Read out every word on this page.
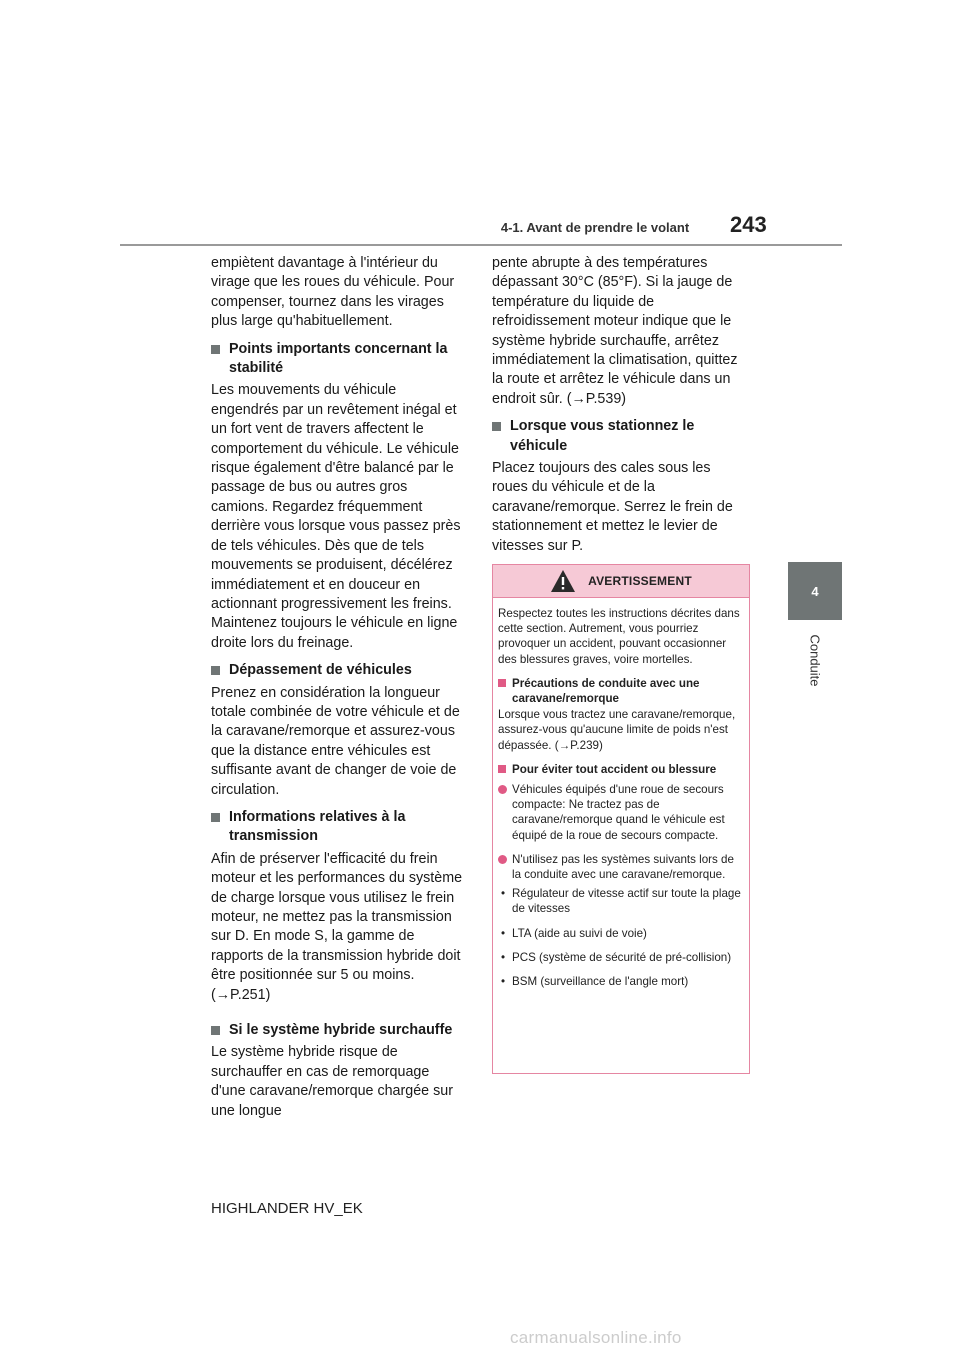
4-1. Avant de prendre le volant	243
4
Conduite

empiètent davantage à l'intérieur du virage que les roues du véhicule. Pour compenser, tournez dans les virages plus large qu'habituellement.

Points importants concernant la stabilité

Les mouvements du véhicule engendrés par un revêtement inégal et un fort vent de travers affectent le comportement du véhicule. Le véhicule risque également d'être balancé par le passage de bus ou autres gros camions. Regardez fréquemment derrière vous lorsque vous passez près de tels véhicules. Dès que de tels mouvements se produisent, décélérez immédiatement et en douceur en actionnant progressivement les freins. Maintenez toujours le véhicule en ligne droite lors du freinage.

Dépassement de véhicules

Prenez en considération la longueur totale combinée de votre véhicule et de la caravane/remorque et assurez-vous que la distance entre véhicules est suffisante avant de changer de voie de circulation.

Informations relatives à la transmission

Afin de préserver l'efficacité du frein moteur et les performances du système de charge lorsque vous utilisez le frein moteur, ne mettez pas la transmission sur D. En mode S, la gamme de rapports de la transmission hybride doit être positionnée sur 5 ou moins. (→P.251)

Si le système hybride surchauffe

Le système hybride risque de surchauffer en cas de remorquage d'une caravane/remorque chargée sur une longue

pente abrupte à des températures dépassant 30°C (85°F). Si la jauge de température du liquide de refroidissement moteur indique que le système hybride surchauffe, arrêtez immédiatement la climatisation, quittez la route et arrêtez le véhicule dans un endroit sûr. (→P.539)

Lorsque vous stationnez le véhicule

Placez toujours des cales sous les roues du véhicule et de la caravane/remorque. Serrez le frein de stationnement et mettez le levier de vitesses sur P.

AVERTISSEMENT

Respectez toutes les instructions décrites dans cette section. Autrement, vous pourriez provoquer un accident, pouvant occasionner des blessures graves, voire mortelles.

Précautions de conduite avec une caravane/remorque

Lorsque vous tractez une caravane/remorque, assurez-vous qu'aucune limite de poids n'est dépassée. (→P.239)

Pour éviter tout accident ou blessure

Véhicules équipés d'une roue de secours compacte: Ne tractez pas de caravane/remorque quand le véhicule est équipé de la roue de secours compacte.

N'utilisez pas les systèmes suivants lors de la conduite avec une caravane/remorque.

• Régulateur de vitesse actif sur toute la plage de vitesses

• LTA (aide au suivi de voie)

• PCS (système de sécurité de pré-collision)

• BSM (surveillance de l'angle mort)

HIGHLANDER HV_EK
carmanualsonline.info
